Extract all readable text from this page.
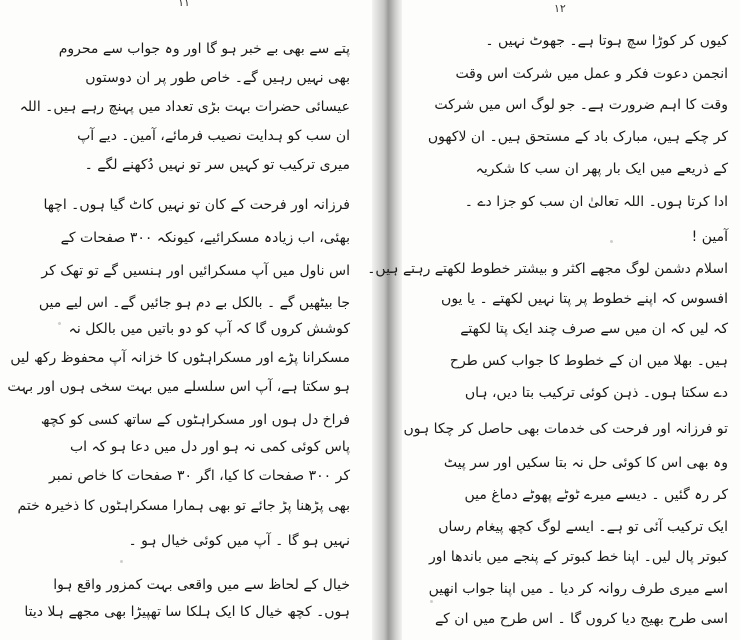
١١
پتے سے بھی بے خبر ہو گا اور وہ جواب سے محروم
بھی نہیں رہیں گے۔ خاص طور پر ان دوستوں
عیسائی حضرات بہت بڑی تعداد میں پہنچ رہے ہیں۔ اللہ
ان سب کو ہدایت نصیب فرمائے، آمین۔ دیے آپ
میری ترکیب تو کہیں سر تو نہیں دُکھنے لگے ۔
فرزانہ اور فرحت کے کان تو نہیں کاٹ گیا ہوں۔ اچھا
بھئی، اب زیادہ مسکرائیے، کیونکہ ۳۰۰ صفحات کے
اس ناول میں آپ مسکرائیں اور ہنسیں گے تو تھک کر
جا بیٹھیں گے ۔ بالکل بے دم ہو جائیں گے۔ اس لیے میں
کوشش کروں گا کہ آپ کو دو باتیں میں بالکل نہ
مسکرانا پڑے اور مسکراہٹوں کا خزانہ آپ محفوظ رکھ لیں
ہو سکتا ہے، آپ اس سلسلے میں بہت سخی ہوں اور بہت
فراخ دل ہوں اور مسکراہٹوں کے ساتھ کسی کو کچھ
پاس کوئی کمی نہ ہو اور دل میں دعا ہو کہ اب
کر ۳۰۰ صفحات کا کیا، اگر ۳۰ صفحات کا خاص نمبر
بھی پڑھنا پڑ جائے تو بھی ہمارا مسکراہٹوں کا ذخیرہ ختم
نہیں ہو گا ۔ آپ میں کوئی خیال ہو ۔
خیال کے لحاظ سے میں واقعی بہت کمزور واقع ہوا
ہوں۔ کچھ خیال کا ایک ہلکا سا تھپیڑا بھی مجھے ہلا دیتا
١٢
کیوں کر کوڑا سچ ہوتا ہے۔ جھوٹ نہیں ۔
انجمن دعوت فکر و عمل میں شرکت اس وقت
وقت کا اہم ضرورت ہے۔ جو لوگ اس میں شرکت
کر چکے ہیں، مبارک باد کے مستحق ہیں۔ ان لاکھوں
کے ذریعے میں ایک بار پھر ان سب کا شکریہ
ادا کرتا ہوں۔ اللہ تعالیٰ ان سب کو جزا دے ۔
آمین !
اسلام دشمن لوگ مجھے اکثر و بیشتر خطوط لکھتے رہتے ہیں۔
افسوس کہ اپنے خطوط پر پتا نہیں لکھتے ۔ یا یوں
کہ لیں کہ ان میں سے صرف چند ایک پتا لکھتے
ہیں۔ بھلا میں ان کے خطوط کا جواب کس طرح
دے سکتا ہوں۔ ذہن کوئی ترکیب بتا دیں، ہاں
تو فرزانہ اور فرحت کی خدمات بھی حاصل کر چکا ہوں
وہ بھی اس کا کوئی حل نہ بتا سکیں اور سر پیٹ
کر رہ گئیں ۔ دیسے میرے ٹوٹے پھوٹے دماغ میں
ایک ترکیب آئی تو ہے۔ ایسے لوگ کچھ پیغام رساں
کبوتر پال لیں۔ اپنا خط کبوتر کے پنجے میں باندھا اور
اسے میری طرف روانہ کر دیا ۔ میں اپنا جواب انھیں
اسی طرح بھیج دیا کروں گا ۔ اس طرح میں ان کے
